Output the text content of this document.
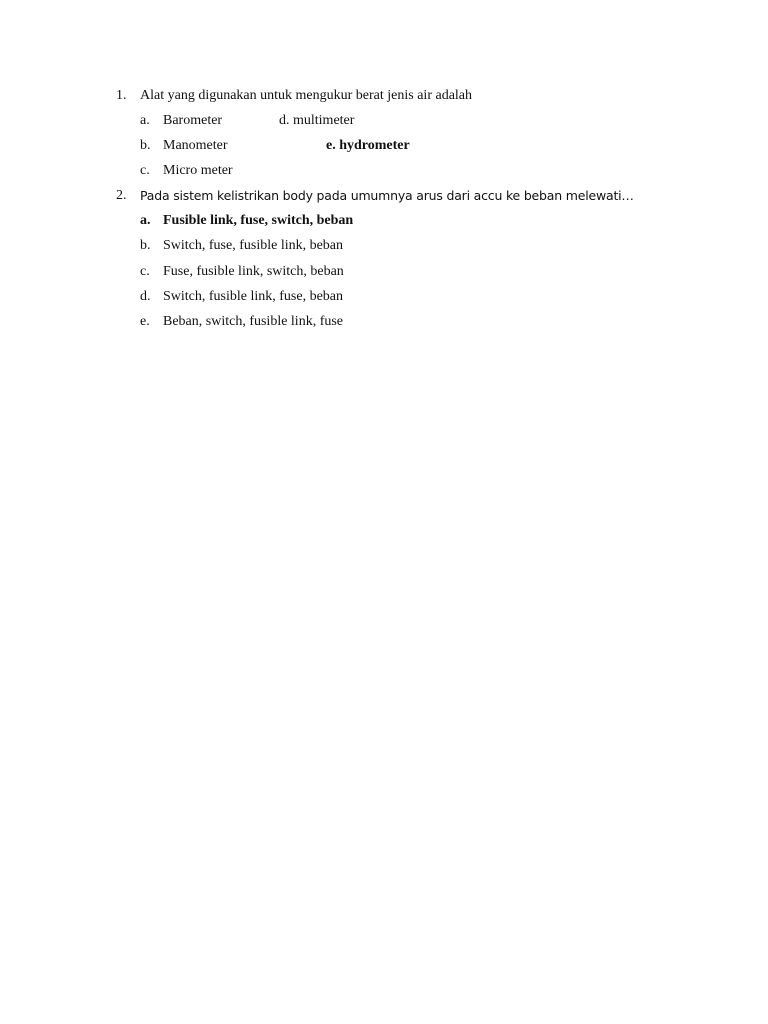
1. Alat yang digunakan untuk mengukur berat jenis air adalah
a. Barometer	d. multimeter
b. Manometer	e. hydrometer
c. Micro meter
2. Pada sistem kelistrikan body pada umumnya arus dari accu ke beban melewati…
a. Fusible link, fuse, switch, beban
b. Switch, fuse, fusible link, beban
c. Fuse, fusible link, switch, beban
d. Switch, fusible link, fuse, beban
e. Beban, switch, fusible link, fuse
